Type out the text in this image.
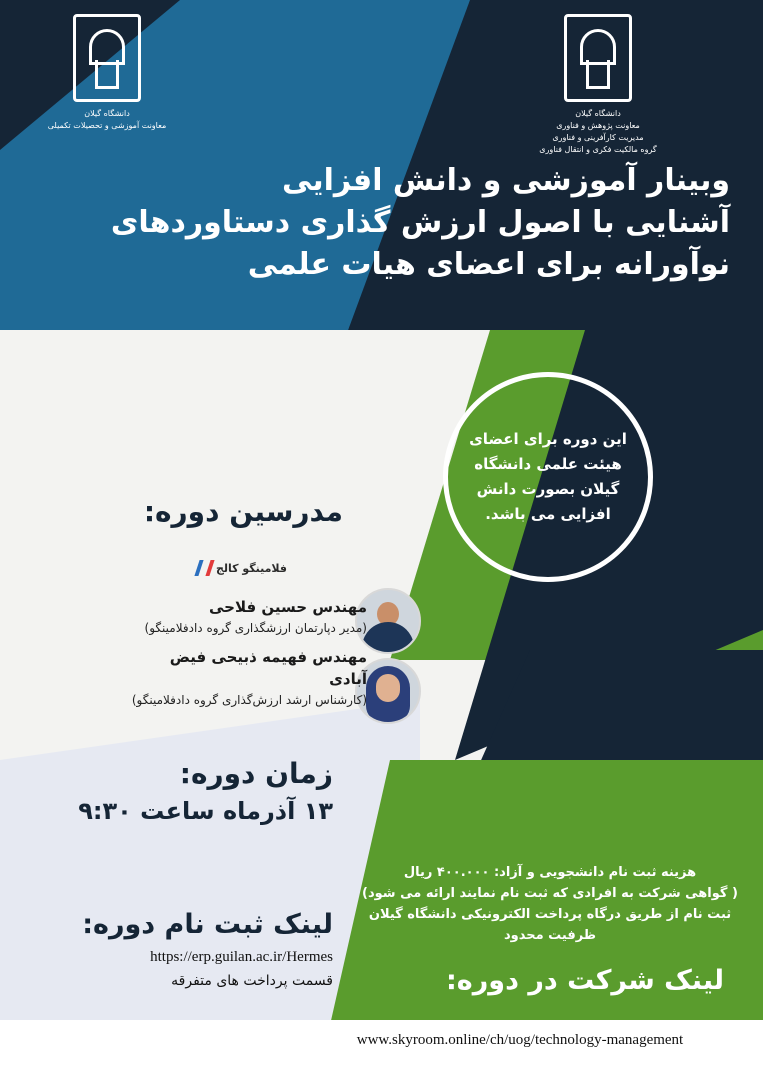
دانشگاه گیلان
معاونت آموزشی و تحصیلات تکمیلی
دانشگاه گیلان
معاونت پژوهش و فناوری
مدیریت کارآفرینی و فناوری
گروه مالکیت فکری و انتقال فناوری
وبینار آموزشی و دانش افزایی
آشنایی با اصول ارزش گذاری دستاوردهای
نوآورانه برای اعضای هیات علمی
این دوره برای اعضای هیئت علمی دانشگاه گیلان بصورت دانش افزایی می باشد.
مدرسین دوره:
فلامینگو کالج
مهندس حسین فلاحی
(مدیر دپارتمان ارزشگذاری گروه دادفلامینگو)
مهندس فهیمه ذبیحی فیض آبادی
(کارشناس ارشد ارزش‌گذاری گروه دادفلامینگو)
زمان دوره:
۱۳ آذرماه ساعت ۹:۳۰
لینک ثبت نام دوره:
https://erp.guilan.ac.ir/Hermes
قسمت پرداخت های متفرقه
هزینه ثبت نام دانشجویی و آزاد: ۴۰۰.۰۰۰ ریال
( گواهی شرکت به افرادی که ثبت نام نمایند ارائه می شود)
ثبت نام از طریق درگاه پرداخت الکترونیکی دانشگاه گیلان
ظرفیت محدود
لینک شرکت در دوره:
www.skyroom.online/ch/uog/technology-management
